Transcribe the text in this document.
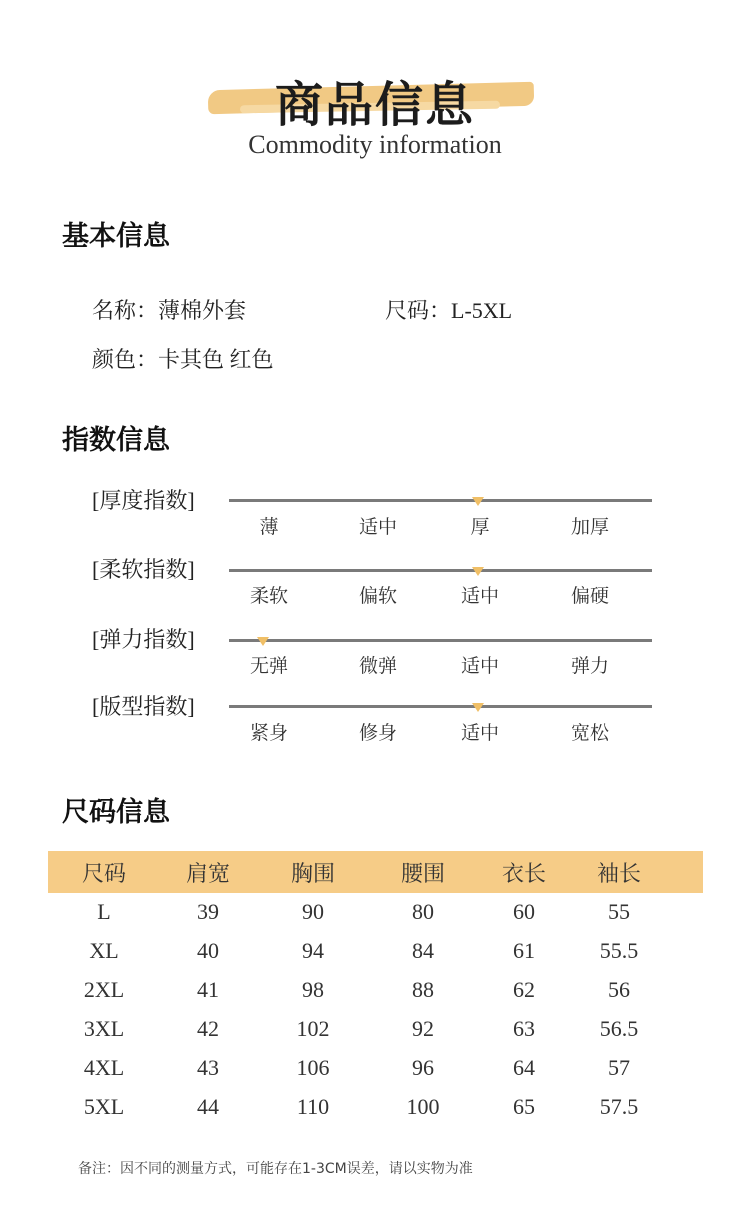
商品信息
Commodity information
基本信息
名称：薄棉外套	尺码：L-5XL
颜色：卡其色 红色
指数信息
[厚度指数]
薄	适中	厚	加厚
[柔软指数]
柔软	偏软	适中	偏硬
[弹力指数]
无弹	微弹	适中	弹力
[版型指数]
紧身	修身	适中	宽松
尺码信息
尺码	肩宽	胸围	腰围	衣长	袖长
L	39	90	80	60	55
XL	40	94	84	61	55.5
2XL	41	98	88	62	56
3XL	42	102	92	63	56.5
4XL	43	106	96	64	57
5XL	44	110	100	65	57.5
备注：因不同的测量方式，可能存在1-3CM误差，请以实物为准
